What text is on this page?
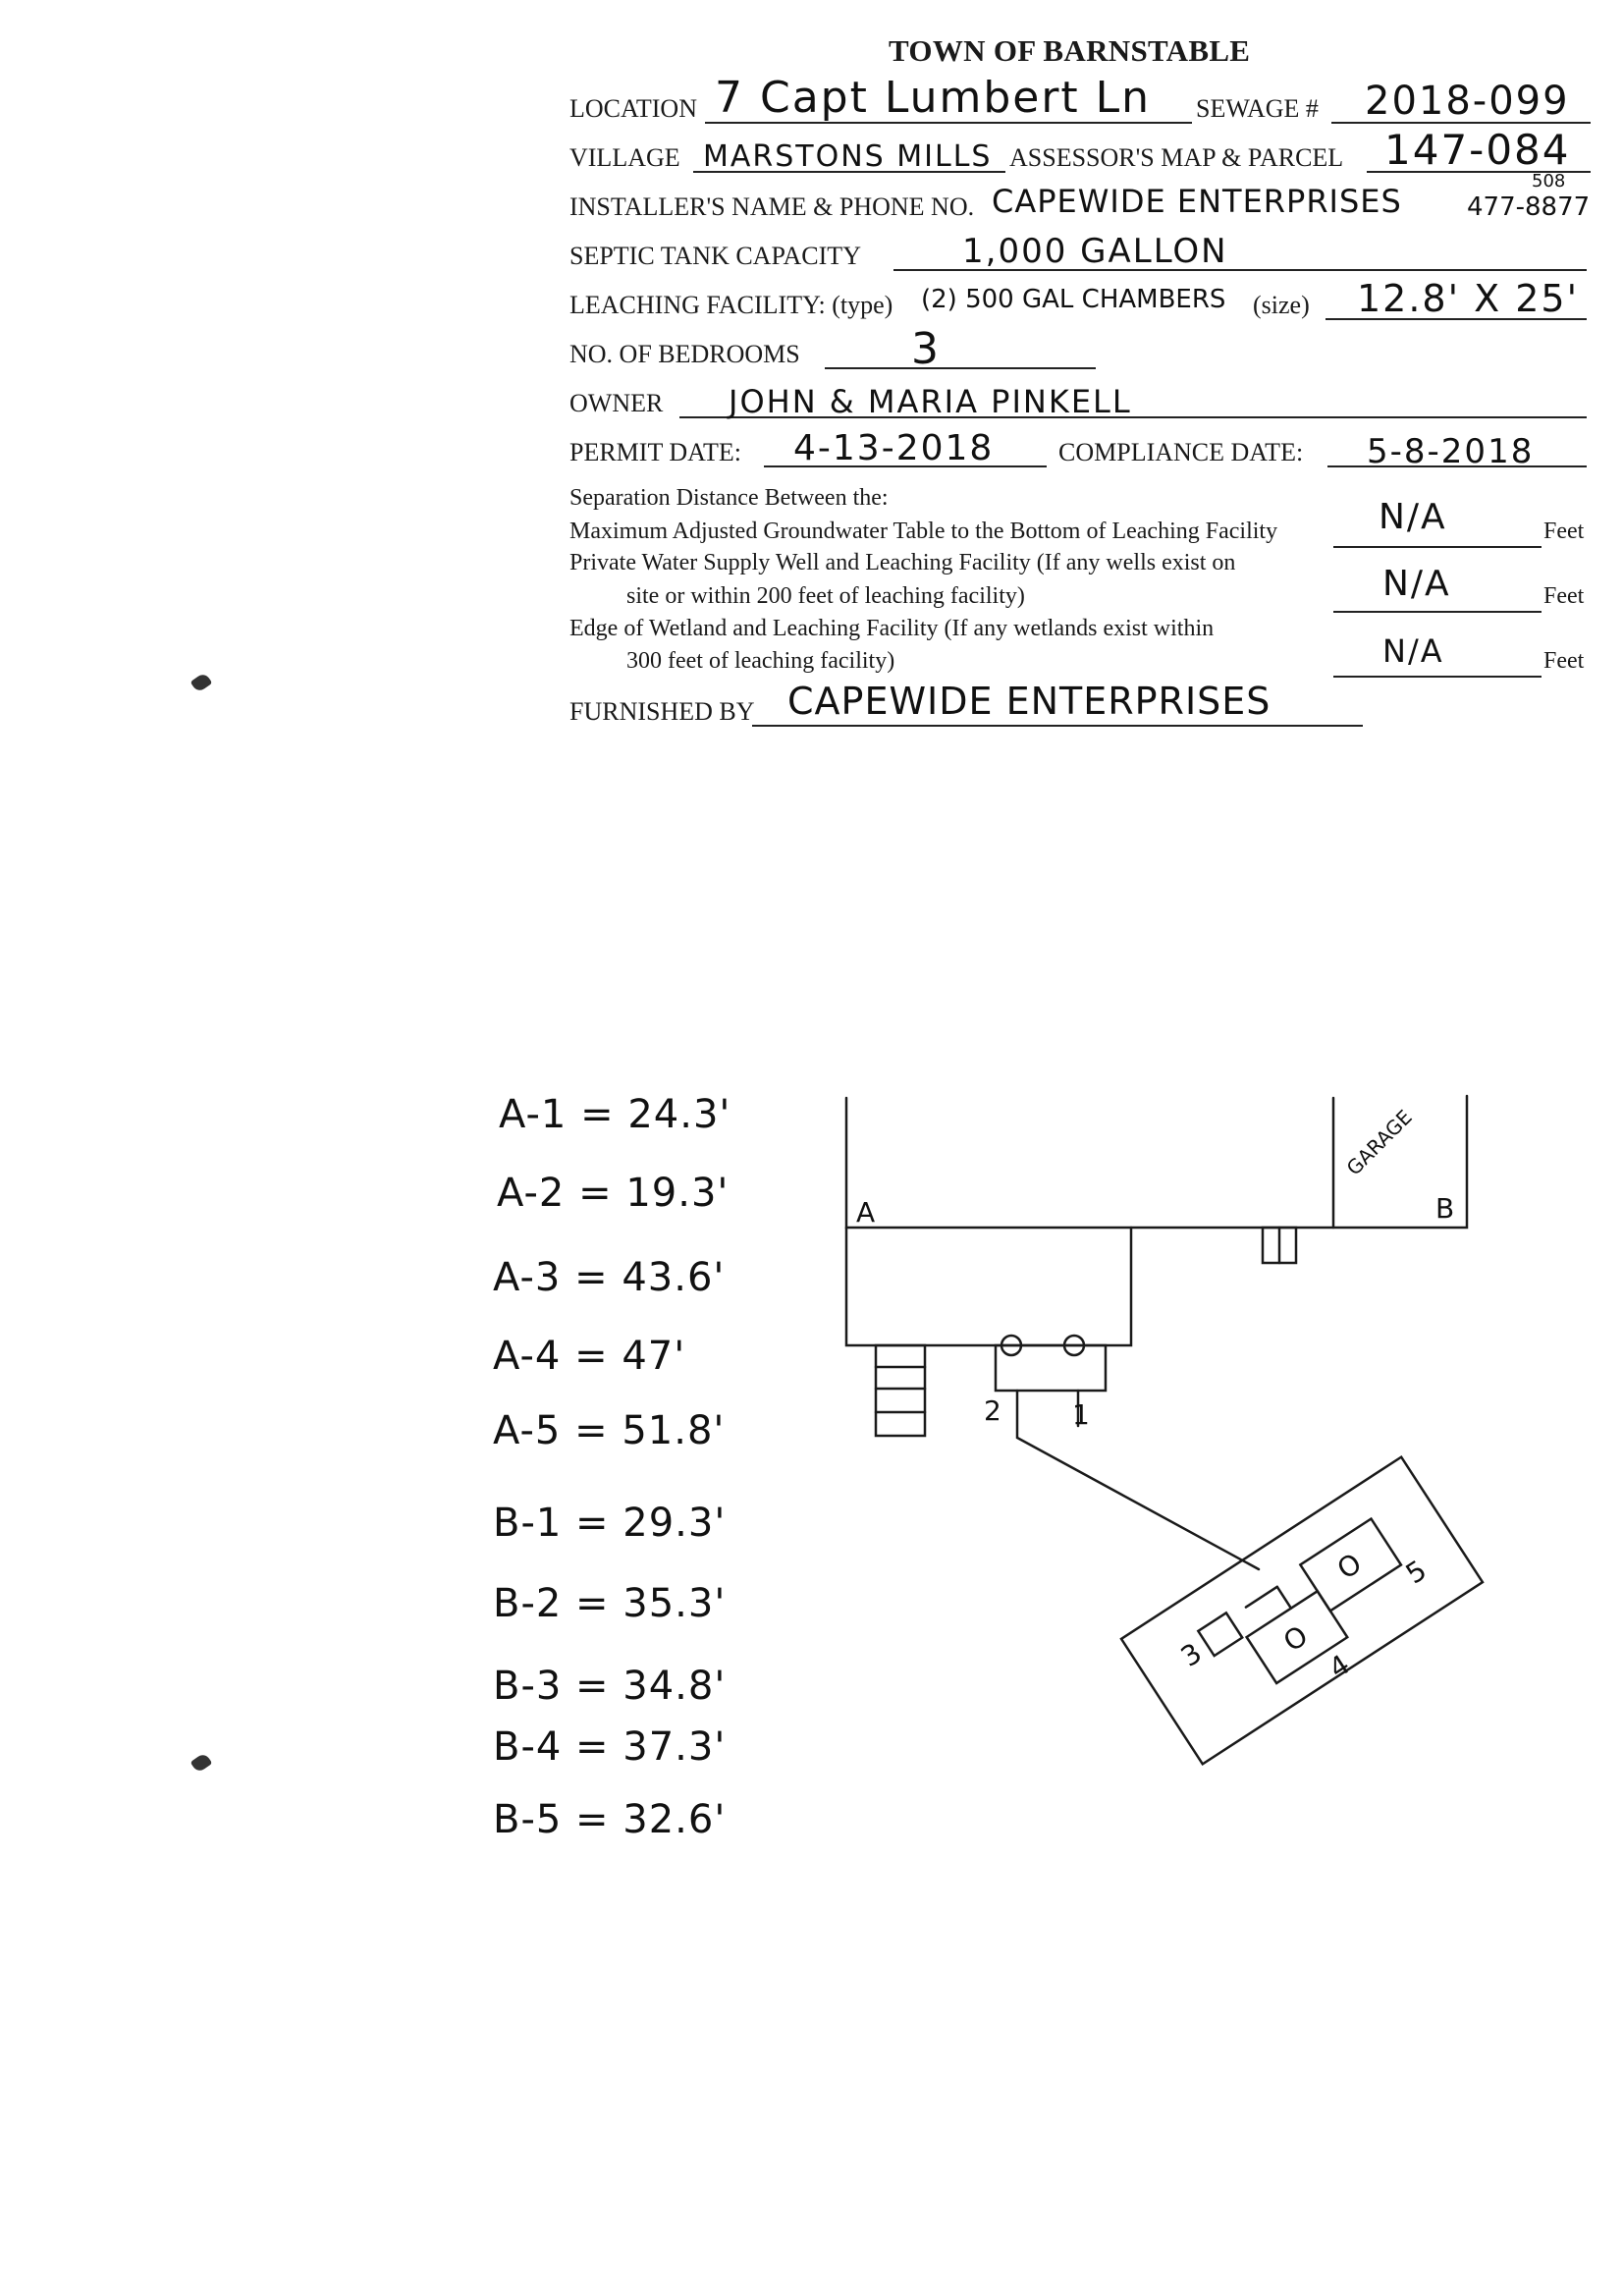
TOWN OF BARNSTABLE
LOCATION 7 Capt Lumbert Ln SEWAGE # 2018-099
VILLAGE MARSTONS MILLS ASSESSOR'S MAP & PARCEL 147-084
INSTALLER'S NAME & PHONE NO. CAPEWIDE ENTERPRISES
508
477-8877
SEPTIC TANK CAPACITY	1,000 GALLON
LEACHING FACILITY: (type) (2) 500 GAL CHAMBERS (size) 12.8' X 25'
NO. OF BEDROOMS	3
OWNER JOHN & MARIA PINKELL
PERMIT DATE: 4-13-2018	COMPLIANCE DATE: 5-8-2018
Separation Distance Between the:
Maximum Adjusted Groundwater Table to the Bottom of Leaching Facility	N/A	Feet
Private Water Supply Well and Leaching Facility (If any wells exist on
site or within 200 feet of leaching facility)	N/A	Feet
Edge of Wetland and Leaching Facility (If any wetlands exist within
300 feet of leaching facility)	N/A	Feet
FURNISHED BY CAPEWIDE ENTERPRISES
A-1 = 24.3'
A-2 = 19.3'
A-3 = 43.6'
A-4 = 47'
A-5 = 51.8'
B-1 = 29.3'
B-2 = 35.3'
B-3 = 34.8'
B-4 = 37.3'
B-5 = 32.6'
A	B
GARAGE
2	1
3	4
5
O
O
